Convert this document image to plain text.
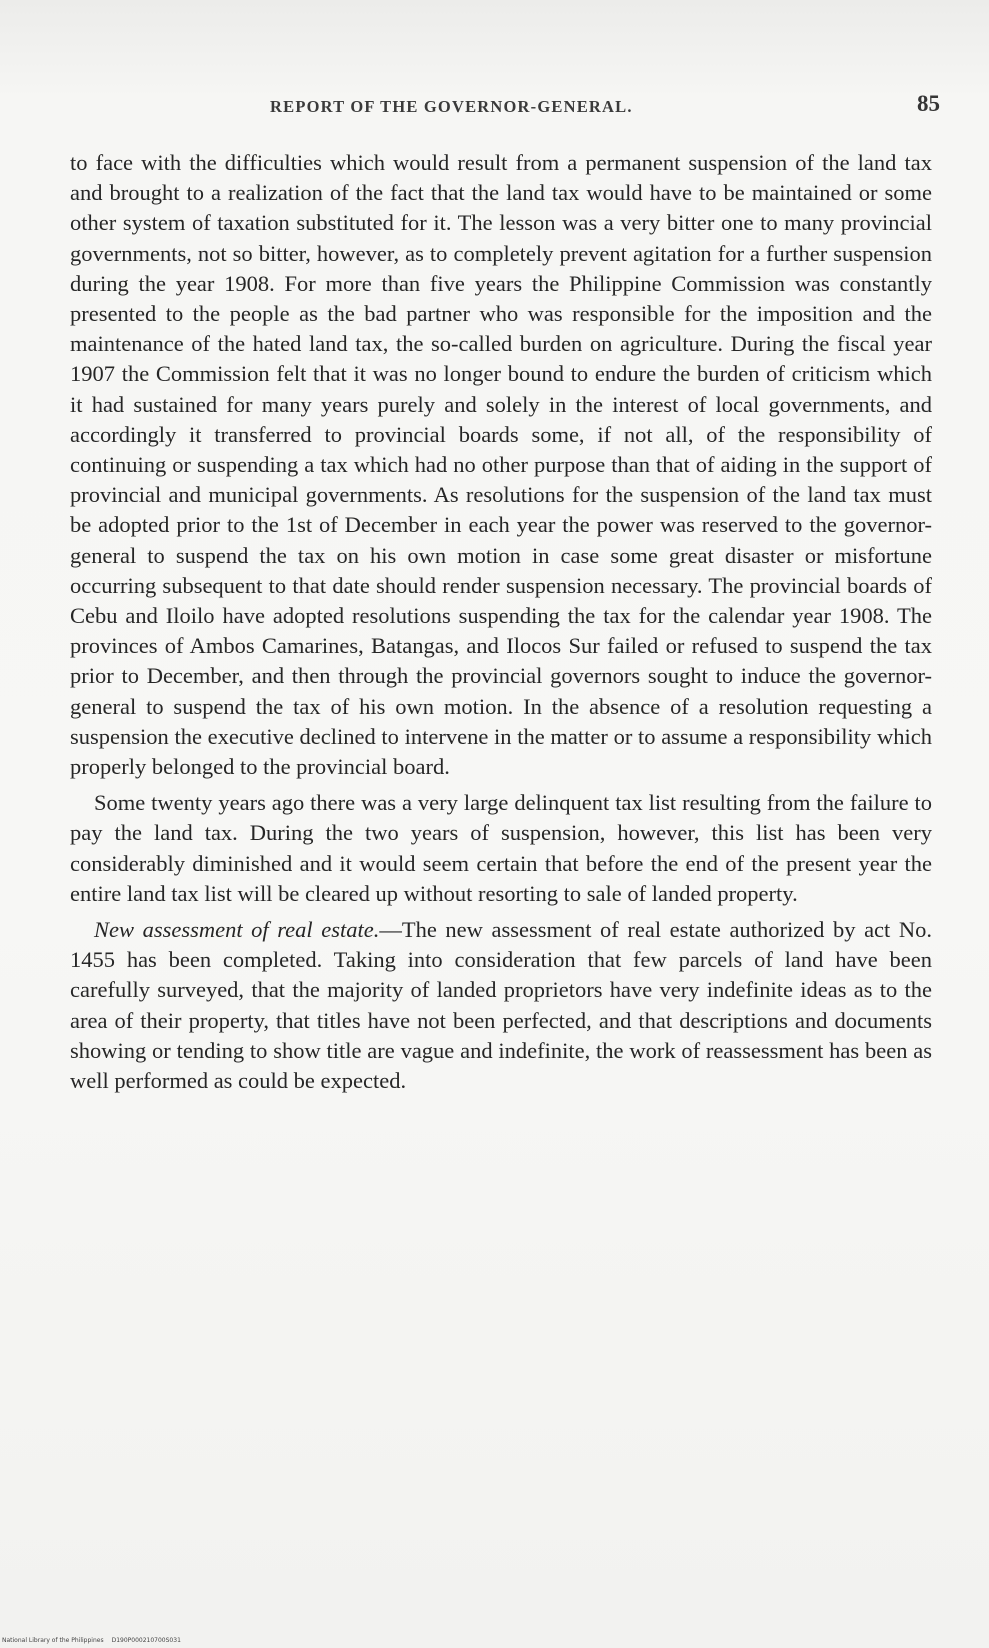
REPORT OF THE GOVERNOR-GENERAL.	85

to face with the difficulties which would result from a permanent suspension of the land tax and brought to a realization of the fact that the land tax would have to be maintained or some other system of taxation substituted for it. The lesson was a very bitter one to many provincial governments, not so bitter, however, as to completely prevent agitation for a further suspension during the year 1908. For more than five years the Philippine Commission was constantly presented to the people as the bad partner who was responsible for the imposition and the maintenance of the hated land tax, the so-called burden on agriculture. During the fiscal year 1907 the Commission felt that it was no longer bound to endure the burden of criticism which it had sustained for many years purely and solely in the interest of local governments, and accordingly it transferred to provincial boards some, if not all, of the responsibility of continuing or suspending a tax which had no other purpose than that of aiding in the support of provincial and municipal governments. As resolutions for the suspension of the land tax must be adopted prior to the 1st of December in each year the power was reserved to the governor-general to suspend the tax on his own motion in case some great disaster or misfortune occurring subsequent to that date should render suspension necessary. The provincial boards of Cebu and Iloilo have adopted resolutions suspending the tax for the calendar year 1908. The provinces of Ambos Camarines, Batangas, and Ilocos Sur failed or refused to suspend the tax prior to December, and then through the provincial governors sought to induce the governor-general to suspend the tax of his own motion. In the absence of a resolution requesting a suspension the executive declined to intervene in the matter or to assume a responsibility which properly belonged to the provincial board.

Some twenty years ago there was a very large delinquent tax list resulting from the failure to pay the land tax. During the two years of suspension, however, this list has been very considerably diminished and it would seem certain that before the end of the present year the entire land tax list will be cleared up without resorting to sale of landed property.

New assessment of real estate.—The new assessment of real estate authorized by act No. 1455 has been completed. Taking into consideration that few parcels of land have been carefully surveyed, that the majority of landed proprietors have very indefinite ideas as to the area of their property, that titles have not been perfected, and that descriptions and documents showing or tending to show title are vague and indefinite, the work of reassessment has been as well performed as could be expected.

National Library of the Philippines D190P000210700S031
